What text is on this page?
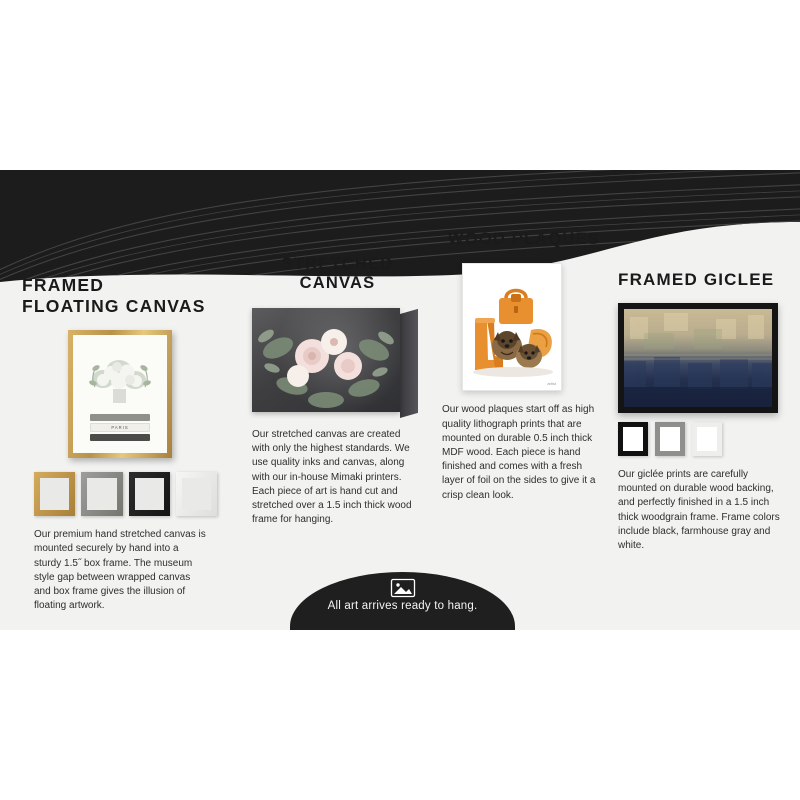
FRAMED
FLOATING CANVAS
PARIS
Our premium hand stretched canvas is mounted securely by hand into a sturdy 1.5˝ box frame. The museum style gap between wrapped canvas and box frame gives the illusion of floating artwork.
STRETCHED
CANVAS
Our stretched canvas are created with only the highest standards. We use quality inks and canvas, along with our in-house Mimaki printers. Each piece of art is hand cut and stretched over a 1.5 inch thick wood frame for hanging.
WOOD PLAQUES
artist
Our wood plaques start off as high quality lithograph prints that are mounted on durable 0.5 inch thick MDF wood. Each piece is hand finished and comes with a fresh layer of foil on the sides to give it a crisp clean look.
FRAMED GICLEE
Our giclée prints are carefully mounted on durable wood backing, and perfectly finished in a 1.5 inch thick woodgrain frame. Frame colors include black, farmhouse gray and white.
All art arrives ready to hang.
